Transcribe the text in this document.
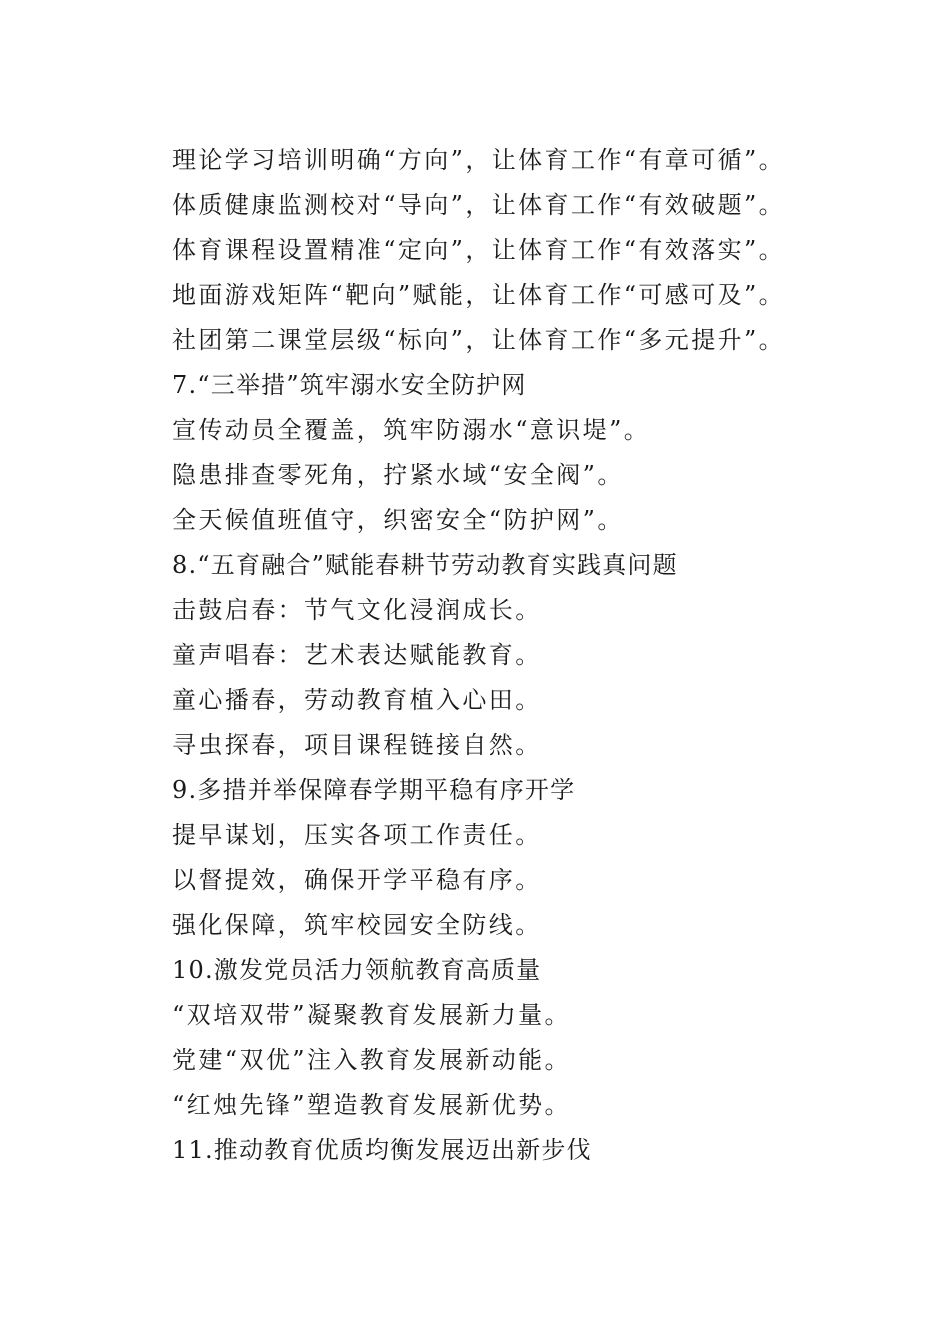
理论学习培训明确“方向”，让体育工作“有章可循”。
体质健康监测校对“导向”，让体育工作“有效破题”。
体育课程设置精准“定向”，让体育工作“有效落实”。
地面游戏矩阵“靶向”赋能，让体育工作“可感可及”。
社团第二课堂层级“标向”，让体育工作“多元提升”。
7.“三举措”筑牢溺水安全防护网
宣传动员全覆盖，筑牢防溺水“意识堤”。
隐患排查零死角，拧紧水域“安全阀”。
全天候值班值守，织密安全“防护网”。
8.“五育融合”赋能春耕节劳动教育实践真问题
击鼓启春：节气文化浸润成长。
童声唱春：艺术表达赋能教育。
童心播春，劳动教育植入心田。
寻虫探春，项目课程链接自然。
9.多措并举保障春学期平稳有序开学
提早谋划，压实各项工作责任。
以督提效，确保开学平稳有序。
强化保障，筑牢校园安全防线。
10.激发党员活力领航教育高质量
“双培双带”凝聚教育发展新力量。
党建“双优”注入教育发展新动能。
“红烛先锋”塑造教育发展新优势。
11.推动教育优质均衡发展迈出新步伐
